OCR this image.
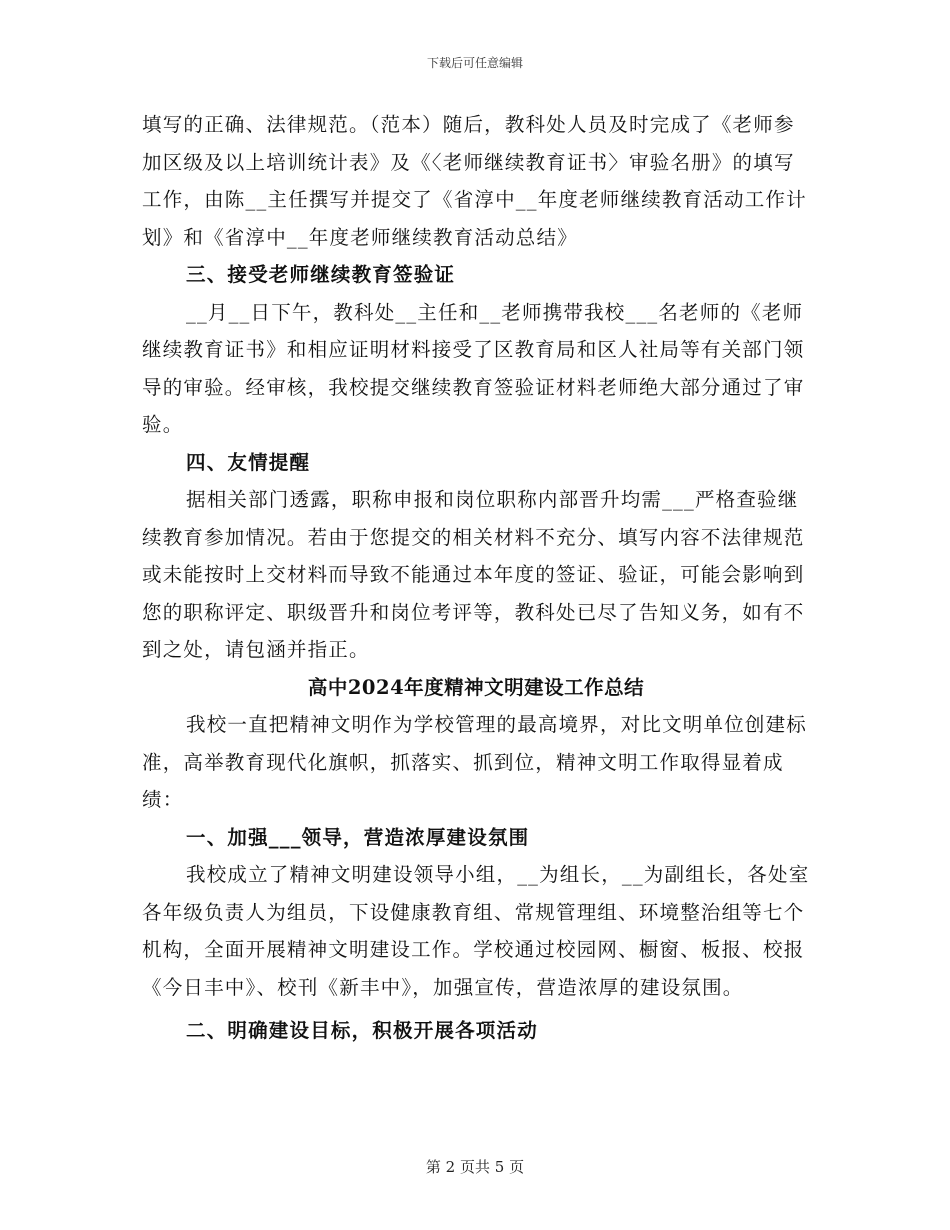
下载后可任意编辑

填写的正确、法律规范。（范本）随后，教科处人员及时完成了《老师参加区级及以上培训统计表》及《〈老师继续教育证书〉审验名册》的填写工作，由陈__主任撰写并提交了《省淳中__年度老师继续教育活动工作计划》和《省淳中__年度老师继续教育活动总结》

三、接受老师继续教育签验证

__月__日下午，教科处__主任和__老师携带我校___名老师的《老师继续教育证书》和相应证明材料接受了区教育局和区人社局等有关部门领导的审验。经审核，我校提交继续教育签验证材料老师绝大部分通过了审验。

四、友情提醒

据相关部门透露，职称申报和岗位职称内部晋升均需___严格查验继续教育参加情况。若由于您提交的相关材料不充分、填写内容不法律规范或未能按时上交材料而导致不能通过本年度的签证、验证，可能会影响到您的职称评定、职级晋升和岗位考评等，教科处已尽了告知义务，如有不到之处，请包涵并指正。

高中2024年度精神文明建设工作总结

我校一直把精神文明作为学校管理的最高境界，对比文明单位创建标准，高举教育现代化旗帜，抓落实、抓到位，精神文明工作取得显着成绩：

一、加强___领导，营造浓厚建设氛围

我校成立了精神文明建设领导小组，__为组长，__为副组长，各处室各年级负责人为组员，下设健康教育组、常规管理组、环境整治组等七个机构，全面开展精神文明建设工作。学校通过校园网、橱窗、板报、校报《今日丰中》、校刊《新丰中》，加强宣传，营造浓厚的建设氛围。

二、明确建设目标，积极开展各项活动

第 2 页共 5 页
